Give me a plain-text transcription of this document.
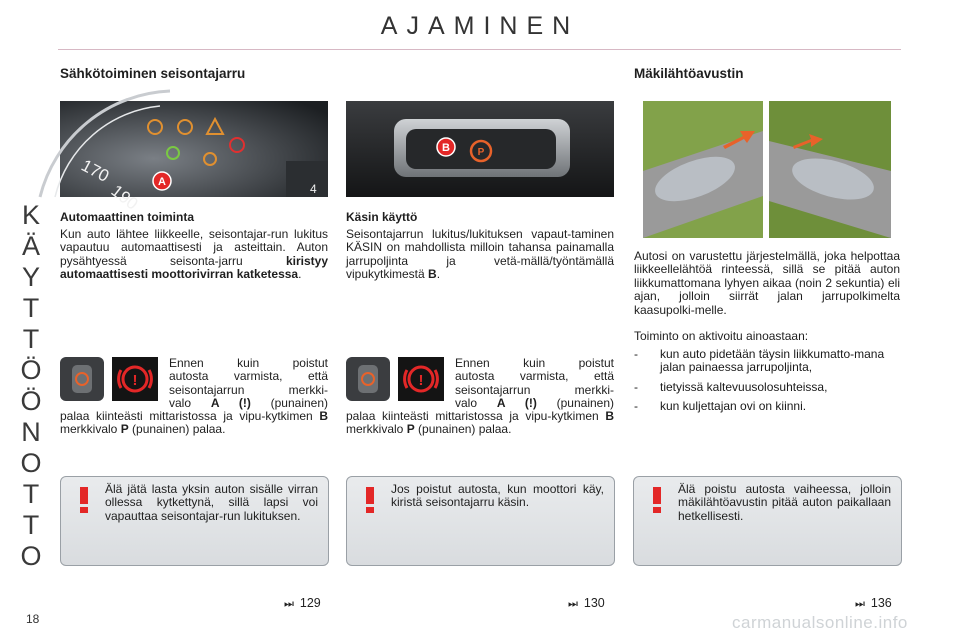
AJAMINEN
K
Ä
Y
T
T
Ö
Ö
N
O
T
T
O
Sähkötoiminen seisontajarru	Mäkilähtöavustin
170
190	4
A
P
B
Automaattinen toiminta
Kun auto lähtee liikkeelle, seisontajar-run lukitus vapautuu automaattisesti ja asteittain. Auton pysähtyessä seisonta-jarru kiristyy automaattisesti moottorivirran katketessa.
Käsin käyttö
Seisontajarrun lukitus/lukituksen vapaut-taminen KÄSIN on mahdollista milloin tahansa painamalla jarrupoljinta ja vetä-mällä/työntämällä vipukytkimestä B.
!
Ennen kuin poistut
autosta varmista, että
seisontajarrun merkki-
valo A (!) (punainen)
palaa kiinteästi mittaristossa ja vipu-kytkimen B merkkivalo P (punainen) palaa.
!
Ennen kuin poistut
autosta varmista, että
seisontajarrun merkki-
valo A (!) (punainen)
palaa kiinteästi mittaristossa ja vipu-kytkimen B merkkivalo P (punainen) palaa.
Autosi on varustettu järjestelmällä, joka helpottaa liikkeellelähtöä rinteessä, sillä se pitää auton liikkumattomana lyhyen aikaa (noin 2 sekuntia) eli ajan, jolloin siirrät jalan jarrupolkimelta kaasupolki-melle.
Toiminto on aktivoitu ainoastaan:
- kun auto pidetään täysin liikkumatto-mana jalan painaessa jarrupoljinta,
- tietyissä kaltevuusolosuhteissa,
- kun kuljettajan ovi on kiinni.
Älä jätä lasta yksin auton sisälle virran ollessa kytkettynä, sillä lapsi voi vapauttaa seisontajar-run lukituksen.
Jos poistut autosta, kun moottori käy, kiristä seisontajarru käsin.
Älä poistu autosta vaiheessa, jolloin mäkilähtöavustin pitää auton paikallaan hetkellisesti.
⏭ 129	⏭ 130	⏭ 136
18	carmanualsonline.info
